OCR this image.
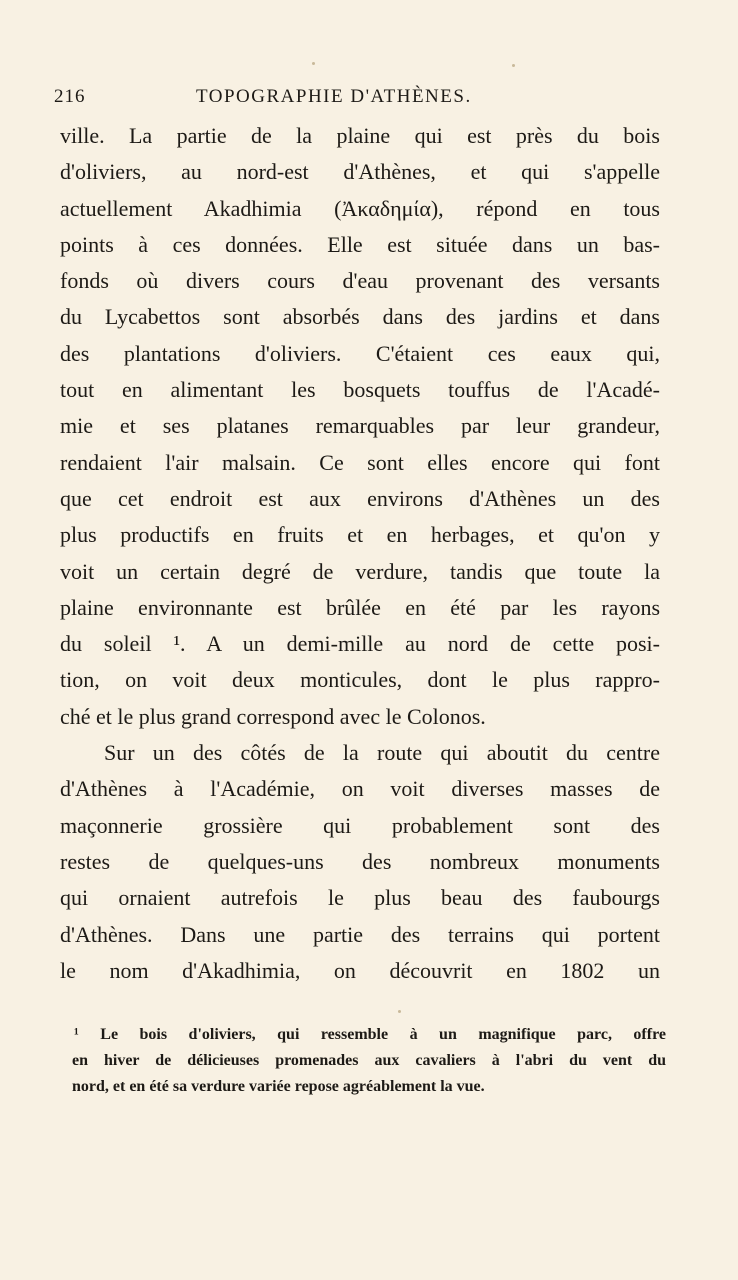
216	TOPOGRAPHIE D'ATHÈNES.
ville. La partie de la plaine qui est près du bois
d'oliviers, au nord-est d'Athènes, et qui s'appelle
actuellement Akadhimia (Ἀκαδημία), répond en tous
points à ces données. Elle est située dans un bas-
fonds où divers cours d'eau provenant des versants
du Lycabettos sont absorbés dans des jardins et dans
des plantations d'oliviers. C'étaient ces eaux qui,
tout en alimentant les bosquets touffus de l'Acadé-
mie et ses platanes remarquables par leur grandeur,
rendaient l'air malsain. Ce sont elles encore qui font
que cet endroit est aux environs d'Athènes un des
plus productifs en fruits et en herbages, et qu'on y
voit un certain degré de verdure, tandis que toute la
plaine environnante est brûlée en été par les rayons
du soleil ¹. A un demi-mille au nord de cette posi-
tion, on voit deux monticules, dont le plus rappro-
ché et le plus grand correspond avec le Colonos.
Sur un des côtés de la route qui aboutit du centre
d'Athènes à l'Académie, on voit diverses masses de
maçonnerie grossière qui probablement sont des
restes de quelques-uns des nombreux monuments
qui ornaient autrefois le plus beau des faubourgs
d'Athènes. Dans une partie des terrains qui portent
le nom d'Akadhimia, on découvrit en 1802 un
¹ Le bois d'oliviers, qui ressemble à un magnifique parc, offre
en hiver de délicieuses promenades aux cavaliers à l'abri du vent du
nord, et en été sa verdure variée repose agréablement la vue.
